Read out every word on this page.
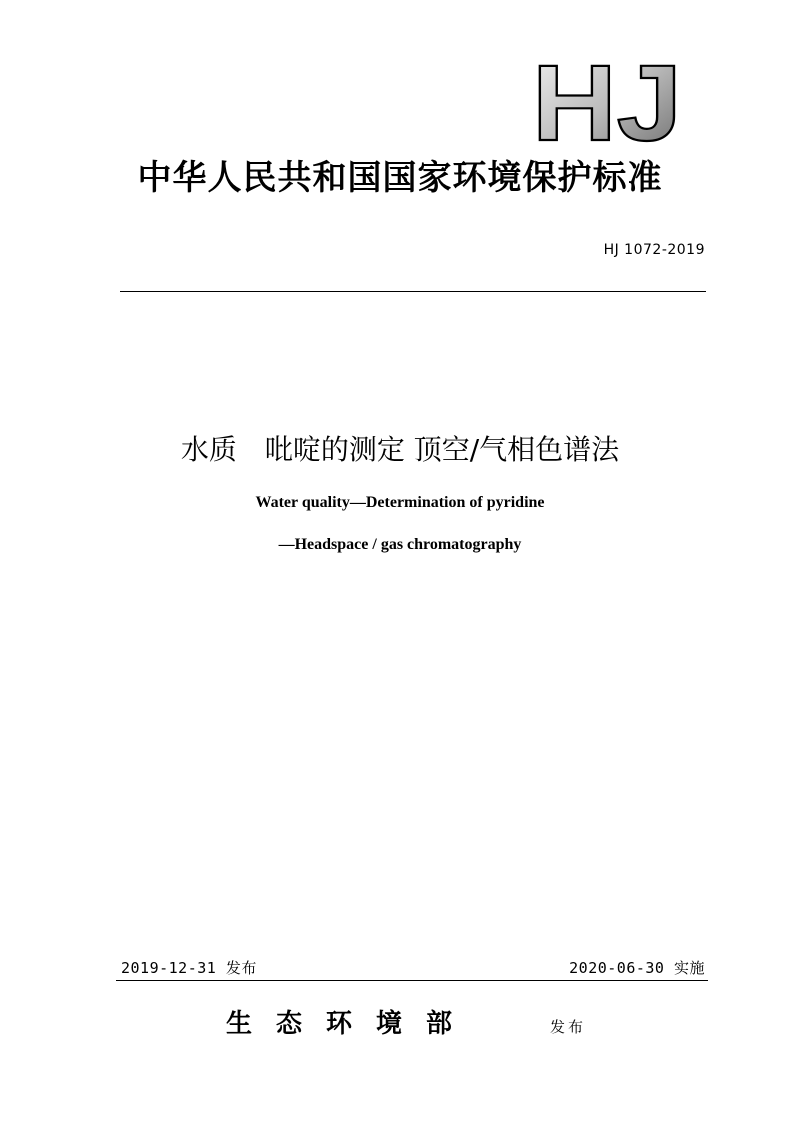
HJ
中华人民共和国国家环境保护标准
HJ 1072-2019
水质　吡啶的测定 顶空/气相色谱法
Water quality—Determination of pyridine
—Headspace / gas chromatography
2019-12-31 发布	2020-06-30 实施
生态环境部	发布
